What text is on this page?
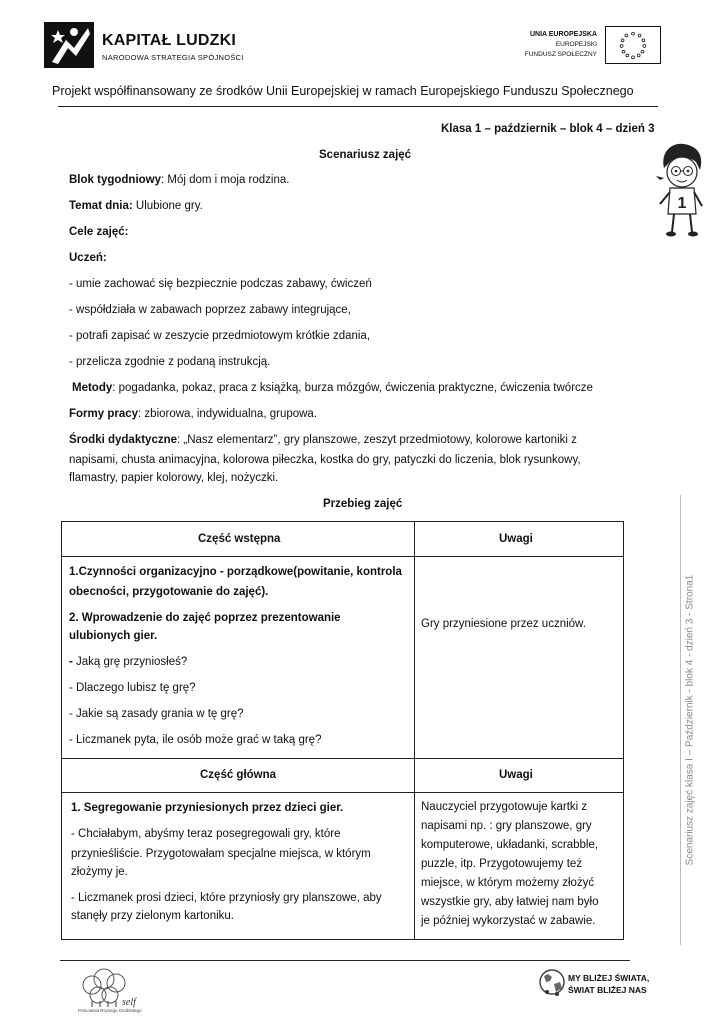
KAPITAŁ LUDZKI
NARODOWA STRATEGIA SPÓJNOŚCI
UNIA EUROPEJSKA
EUROPEJSKI
FUNDUSZ SPOŁECZNY
Projekt współfinansowany ze środków Unii Europejskiej w ramach Europejskiego Funduszu Społecznego
1
Klasa 1 – październik – blok 4 – dzień 3
Scenariusz zajęć
Blok tygodniowy: Mój dom i moja rodzina.
Temat dnia: Ulubione gry.
Cele zajęć:
Uczeń:
- umie zachować się bezpiecznie podczas zabawy, ćwiczeń
- współdziała w zabawach poprzez zabawy integrujące,
- potrafi zapisać w zeszycie przedmiotowym krótkie zdania,
- przelicza zgodnie z podaną instrukcją.
Metody: pogadanka, pokaz, praca z książką, burza mózgów, ćwiczenia praktyczne, ćwiczenia twórcze
Formy pracy: zbiorowa, indywidualna, grupowa.
Środki dydaktyczne: „Nasz elementarz”, gry planszowe, zeszyt przedmiotowy, kolorowe kartoniki z
napisami, chusta animacyjna, kolorowa piłeczka, kostka do gry, patyczki do liczenia, blok rysunkowy,
flamastry, papier kolorowy, klej, nożyczki.
Przebieg zajęć
Część wstępna	Uwagi
1.Czynności organizacyjno - porządkowe(powitanie, kontrola
obecności, przygotowanie do zajęć).
2. Wprowadzenie do zajęć poprzez prezentowanie
ulubionych gier.
- Jaką grę przyniosłeś?
- Dlaczego lubisz tę grę?
- Jakie są zasady grania w tę grę?
- Liczmanek pyta, ile osób może grać w taką grę?
Gry przyniesione przez uczniów.
Część główna	Uwagi
1. Segregowanie przyniesionych przez dzieci gier.
- Chciałabym, abyśmy teraz posegregowali gry, które
przynieśliście. Przygotowałam specjalne miejsca, w którym
złożymy je.
- Liczmanek prosi dzieci, które przyniosły gry planszowe, aby
stanęły przy zielonym kartoniku.
Nauczyciel przygotowuje kartki z
napisami np. : gry planszowe, gry
komputerowe, układanki, scrabble,
puzzle, itp. Przygotowujemy też
miejsce, w którym możemy złożyć
wszystkie gry, aby łatwiej nam było
je później wykorzystać w zabawie.
Scenariusz zajęć klasa I – Październik - blok 4 - dzień 3 - Strona1
self
Pracownia Rozwoju Osobistego
MY BLIŻEJ ŚWIATA,
ŚWIAT BLIŻEJ NAS
